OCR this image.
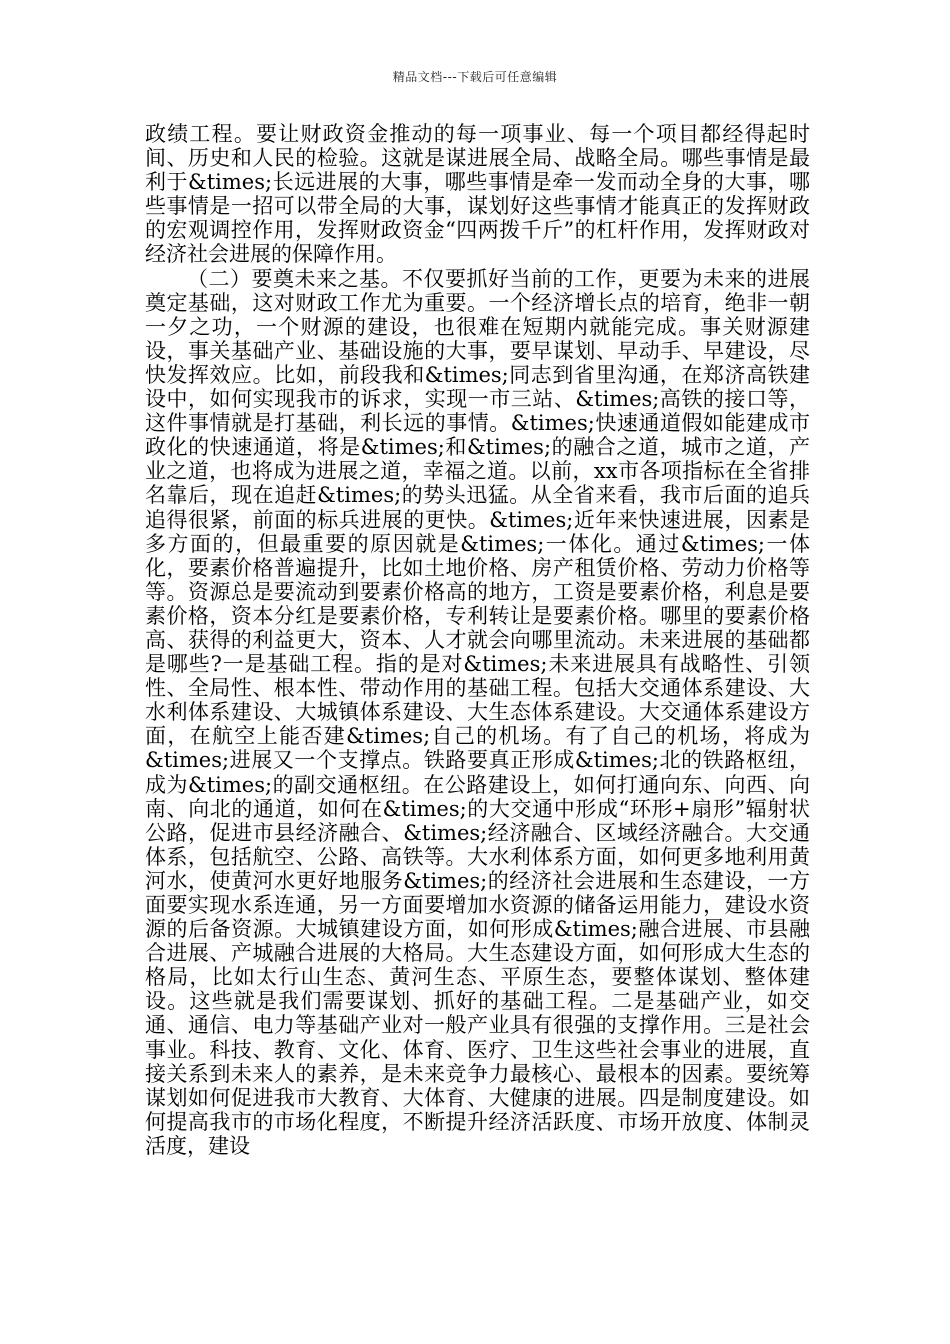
精品文档---下载后可任意编辑

政绩工程。要让财政资金推动的每一项事业、每一个项目都经得起时间、历史和人民的检验。这就是谋进展全局、战略全局。哪些事情是最利于&times;长远进展的大事，哪些事情是牵一发而动全身的大事，哪些事情是一招可以带全局的大事，谋划好这些事情才能真正的发挥财政的宏观调控作用，发挥财政资金“四两拨千斤”的杠杆作用，发挥财政对经济社会进展的保障作用。

（二）要奠未来之基。不仅要抓好当前的工作，更要为未来的进展奠定基础，这对财政工作尤为重要。一个经济增长点的培育，绝非一朝一夕之功，一个财源的建设，也很难在短期内就能完成。事关财源建设，事关基础产业、基础设施的大事，要早谋划、早动手、早建设，尽快发挥效应。比如，前段我和&times;同志到省里沟通，在郑济高铁建设中，如何实现我市的诉求，实现一市三站、&times;高铁的接口等，这件事情就是打基础，利长远的事情。&times;快速通道假如能建成市政化的快速通道，将是&times;和&times;的融合之道，城市之道，产业之道，也将成为进展之道，幸福之道。以前，xx市各项指标在全省排名靠后，现在追赶&times;的势头迅猛。从全省来看，我市后面的追兵追得很紧，前面的标兵进展的更快。&times;近年来快速进展，因素是多方面的，但最重要的原因就是&times;一体化。通过&times;一体化，要素价格普遍提升，比如土地价格、房产租赁价格、劳动力价格等等。资源总是要流动到要素价格高的地方，工资是要素价格，利息是要素价格，资本分红是要素价格，专利转让是要素价格。哪里的要素价格高、获得的利益更大，资本、人才就会向哪里流动。未来进展的基础都是哪些?一是基础工程。指的是对&times;未来进展具有战略性、引领性、全局性、根本性、带动作用的基础工程。包括大交通体系建设、大水利体系建设、大城镇体系建设、大生态体系建设。大交通体系建设方面，在航空上能否建&times;自己的机场。有了自己的机场，将成为&times;进展又一个支撑点。铁路要真正形成&times;北的铁路枢纽，成为&times;的副交通枢纽。在公路建设上，如何打通向东、向西、向南、向北的通道，如何在&times;的大交通中形成“环形+扇形”辐射状公路，促进市县经济融合、&times;经济融合、区域经济融合。大交通体系，包括航空、公路、高铁等。大水利体系方面，如何更多地利用黄河水，使黄河水更好地服务&times;的经济社会进展和生态建设，一方面要实现水系连通，另一方面要增加水资源的储备运用能力，建设水资源的后备资源。大城镇建设方面，如何形成&times;融合进展、市县融合进展、产城融合进展的大格局。大生态建设方面，如何形成大生态的格局，比如太行山生态、黄河生态、平原生态，要整体谋划、整体建设。这些就是我们需要谋划、抓好的基础工程。二是基础产业，如交通、通信、电力等基础产业对一般产业具有很强的支撑作用。三是社会事业。科技、教育、文化、体育、医疗、卫生这些社会事业的进展，直接关系到未来人的素养，是未来竞争力最核心、最根本的因素。要统筹谋划如何促进我市大教育、大体育、大健康的进展。四是制度建设。如何提高我市的市场化程度，不断提升经济活跃度、市场开放度、体制灵活度，建设
